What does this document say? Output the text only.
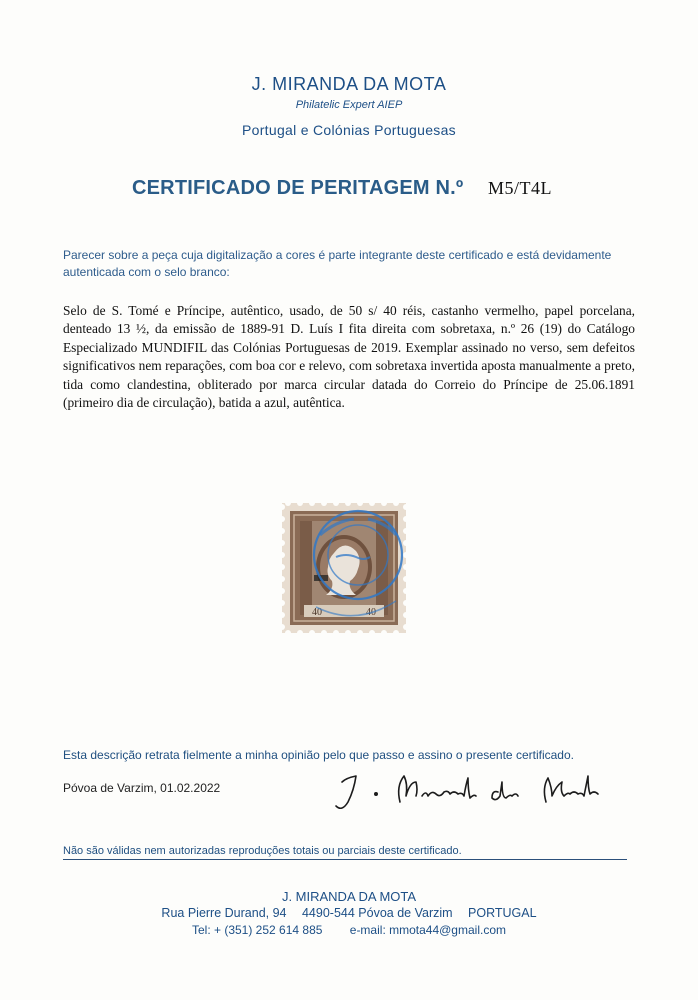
J. MIRANDA DA MOTA
Philatelic Expert AIEP
Portugal e Colónias Portuguesas
CERTIFICADO DE PERITAGEM N.º M5/T4L
Parecer sobre a peça cuja digitalização a cores é parte integrante deste certificado e está devidamente autenticada com o selo branco:
Selo de S. Tomé e Príncipe, autêntico, usado, de 50 s/ 40 réis, castanho vermelho, papel porcelana, denteado 13 ½, da emissão de 1889-91 D. Luís I fita direita com sobretaxa, n.º 26 (19) do Catálogo Especializado MUNDIFIL das Colónias Portuguesas de 2019. Exemplar assinado no verso, sem defeitos significativos nem reparações, com boa cor e relevo, com sobretaxa invertida aposta manualmente a preto, tida como clandestina, obliterado por marca circular datada do Correio do Príncipe de 25.06.1891 (primeiro dia de circulação), batida a azul, autêntica.
40	40
Esta descrição retrata fielmente a minha opinião pelo que passo e assino o presente certificado.
Póvoa de Varzim, 01.02.2022
Não são válidas nem autorizadas reproduções totais ou parciais deste certificado.
J. MIRANDA DA MOTA
Rua Pierre Durand, 94 4490-544 Póvoa de Varzim PORTUGAL
Tel: + (351) 252 614 885 e-mail: mmota44@gmail.com
